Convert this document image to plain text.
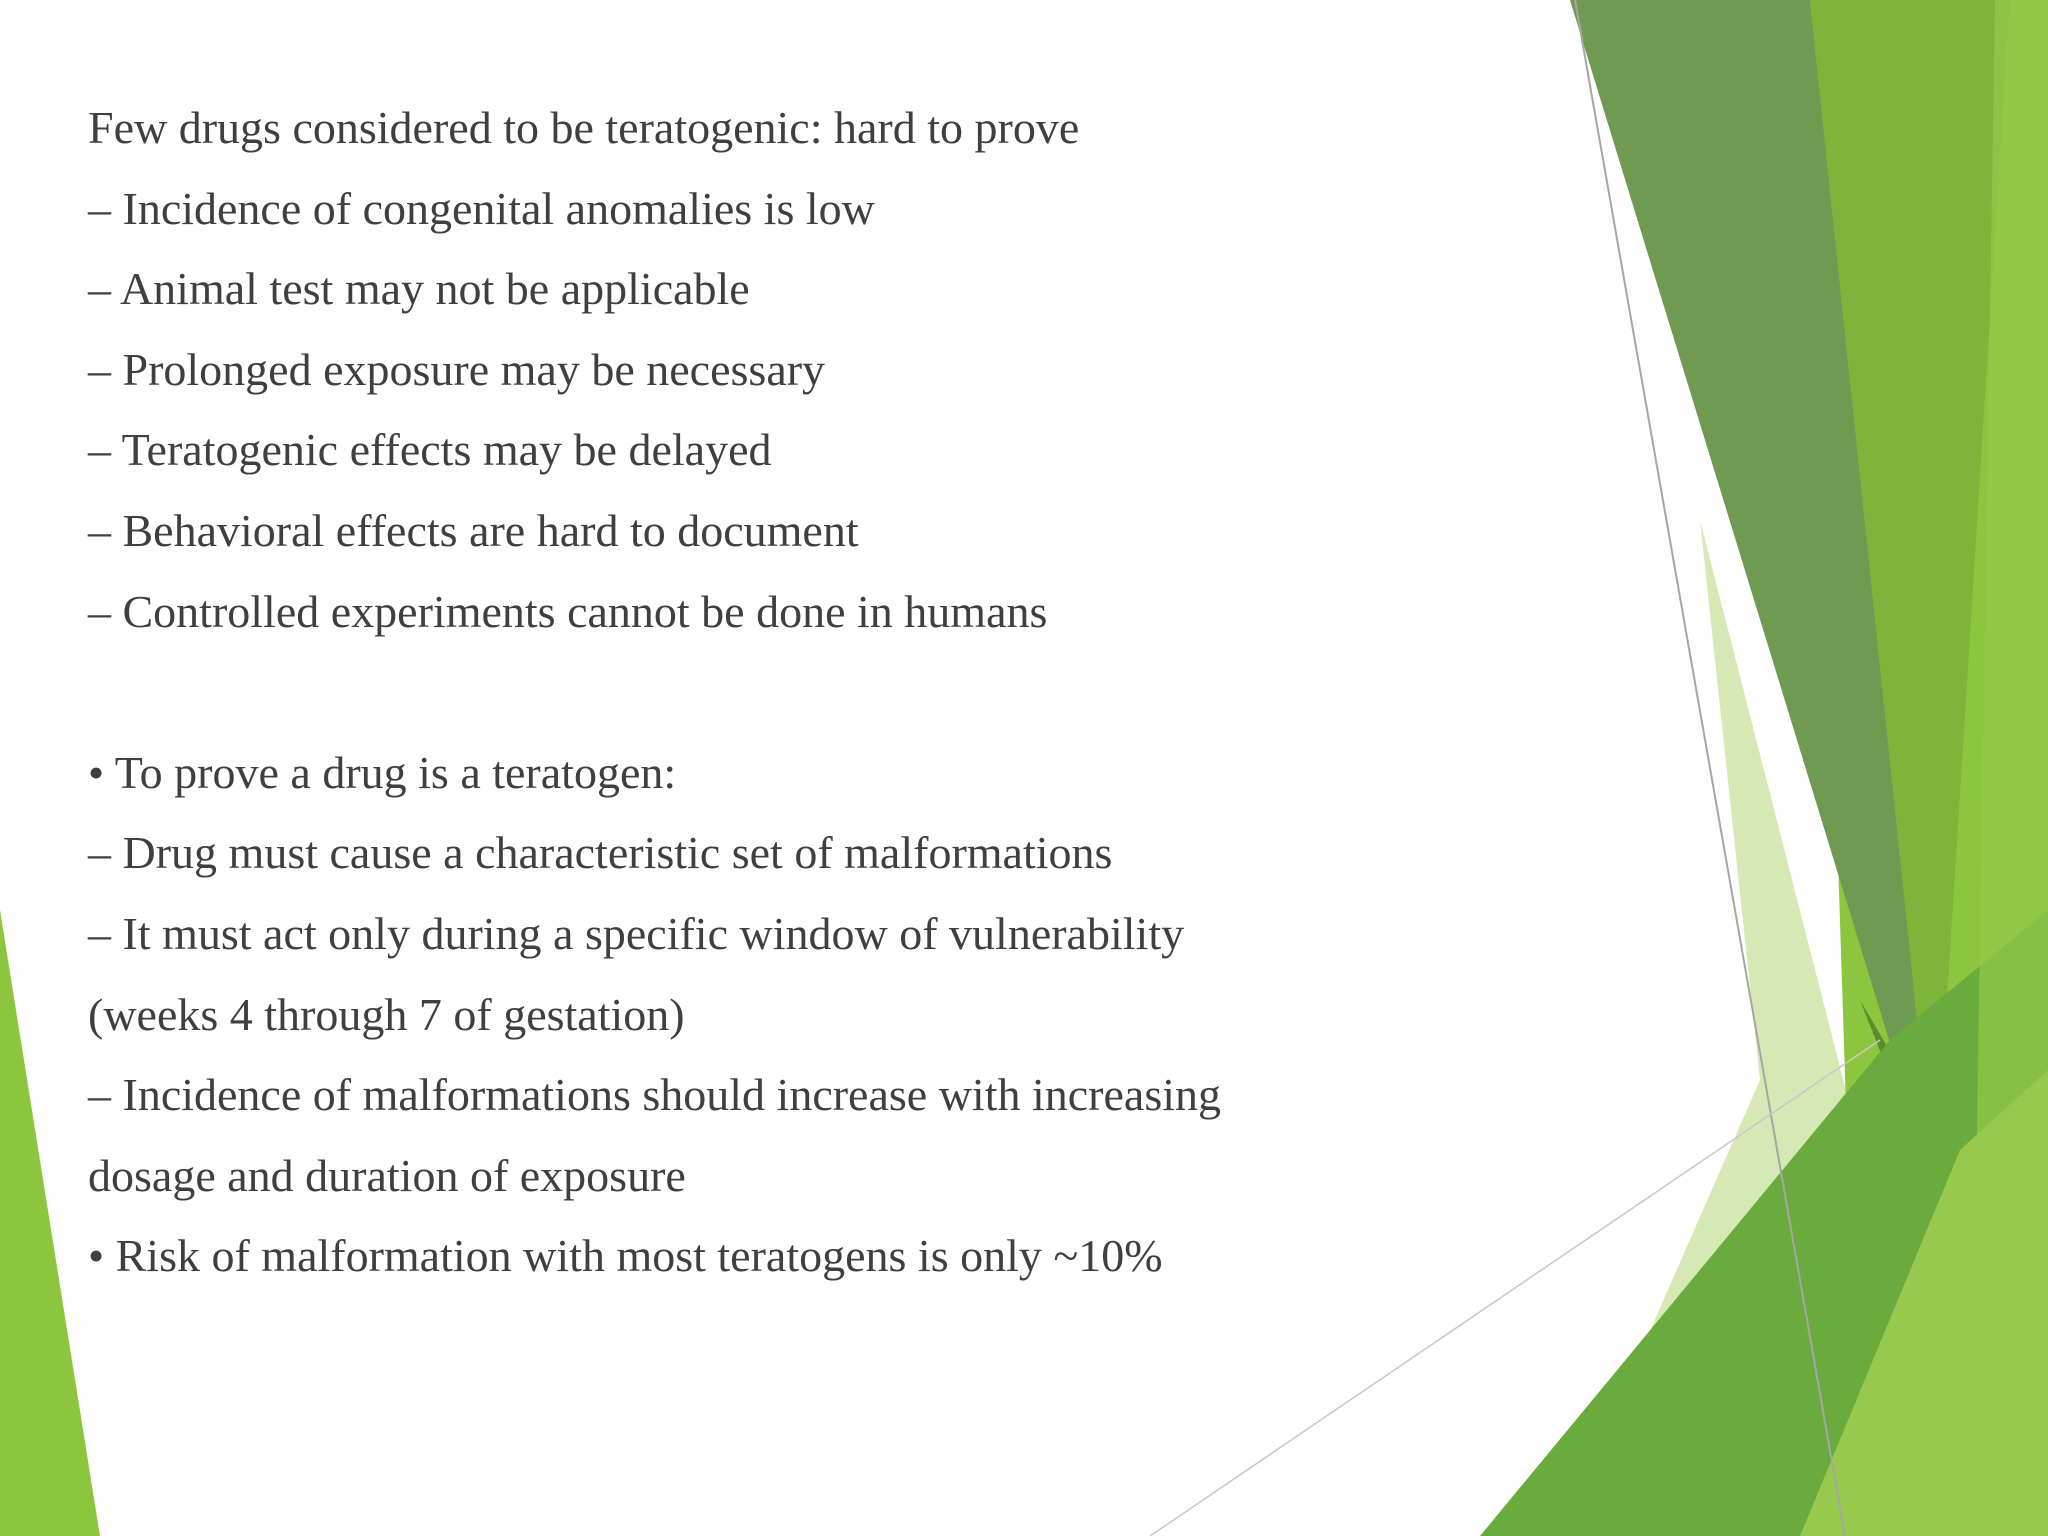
Few drugs considered to be teratogenic: hard to prove

– Incidence of congenital anomalies is low

– Animal test may not be applicable

– Prolonged exposure may be necessary

– Teratogenic effects may be delayed

– Behavioral effects are hard to document

– Controlled experiments cannot be done in humans

• To prove a drug is a teratogen:

– Drug must cause a characteristic set of malformations

– It must act only during a specific window of vulnerability

(weeks 4 through 7 of gestation)

– Incidence of malformations should increase with increasing

dosage and duration of exposure

• Risk of malformation with most teratogens is only ~10%
